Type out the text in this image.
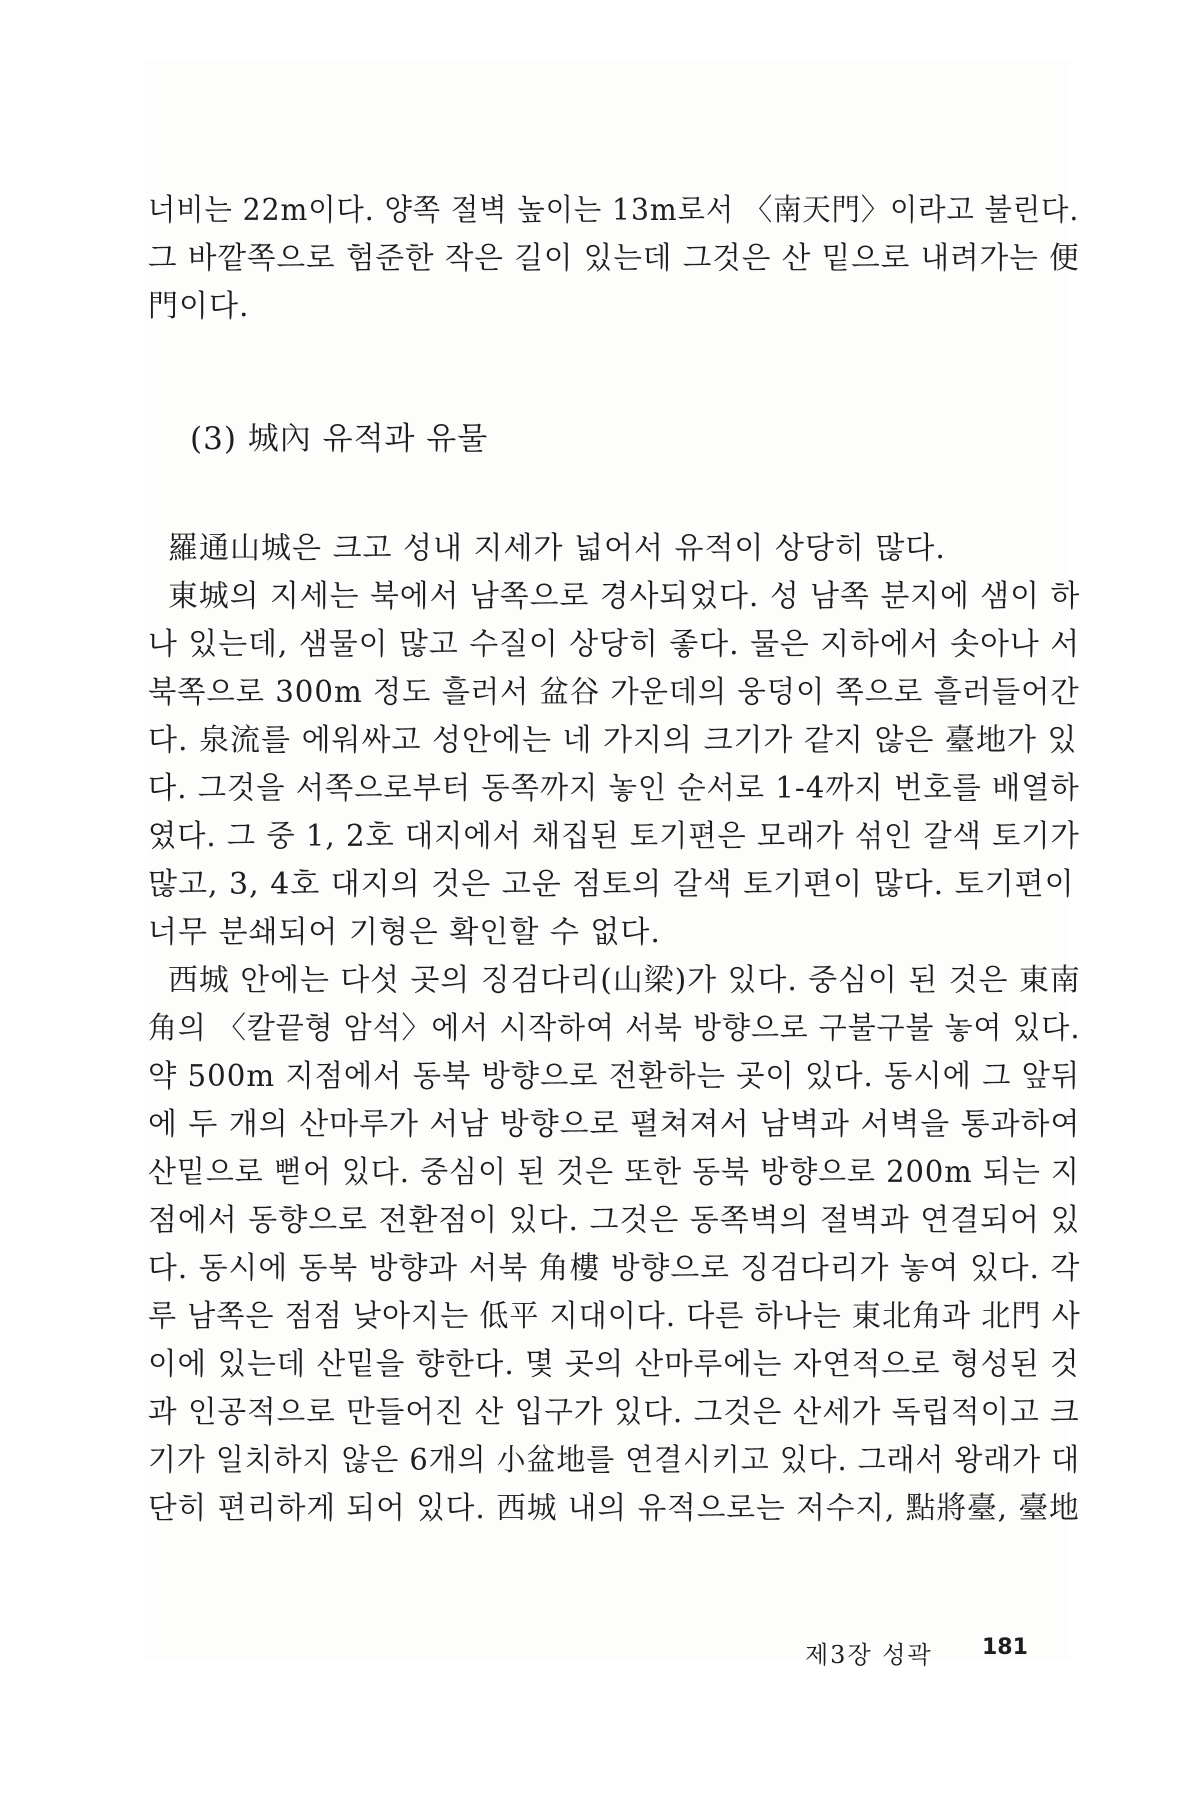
너비는 22m이다. 양쪽 절벽 높이는 13m로서 〈南天門〉이라고 불린다.
그 바깥쪽으로 험준한 작은 길이 있는데 그것은 산 밑으로 내려가는 便
門이다.
(3) 城內 유적과 유물
羅通山城은 크고 성내 지세가 넓어서 유적이 상당히 많다.
東城의 지세는 북에서 남쪽으로 경사되었다. 성 남쪽 분지에 샘이 하
나 있는데, 샘물이 많고 수질이 상당히 좋다. 물은 지하에서 솟아나 서
북쪽으로 300m 정도 흘러서 盆谷 가운데의 웅덩이 쪽으로 흘러들어간
다. 泉流를 에워싸고 성안에는 네 가지의 크기가 같지 않은 臺地가 있
다. 그것을 서쪽으로부터 동쪽까지 놓인 순서로 1-4까지 번호를 배열하
였다. 그 중 1, 2호 대지에서 채집된 토기편은 모래가 섞인 갈색 토기가
많고, 3, 4호 대지의 것은 고운 점토의 갈색 토기편이 많다. 토기편이
너무 분쇄되어 기형은 확인할 수 없다.
西城 안에는 다섯 곳의 징검다리(山梁)가 있다. 중심이 된 것은 東南
角의 〈칼끝형 암석〉에서 시작하여 서북 방향으로 구불구불 놓여 있다.
약 500m 지점에서 동북 방향으로 전환하는 곳이 있다. 동시에 그 앞뒤
에 두 개의 산마루가 서남 방향으로 펼쳐져서 남벽과 서벽을 통과하여
산밑으로 뻗어 있다. 중심이 된 것은 또한 동북 방향으로 200m 되는 지
점에서 동향으로 전환점이 있다. 그것은 동쪽벽의 절벽과 연결되어 있
다. 동시에 동북 방향과 서북 角樓 방향으로 징검다리가 놓여 있다. 각
루 남쪽은 점점 낮아지는 低平 지대이다. 다른 하나는 東北角과 北門 사
이에 있는데 산밑을 향한다. 몇 곳의 산마루에는 자연적으로 형성된 것
과 인공적으로 만들어진 산 입구가 있다. 그것은 산세가 독립적이고 크
기가 일치하지 않은 6개의 小盆地를 연결시키고 있다. 그래서 왕래가 대
단히 편리하게 되어 있다. 西城 내의 유적으로는 저수지, 點將臺, 臺地
제3장 성곽 181
